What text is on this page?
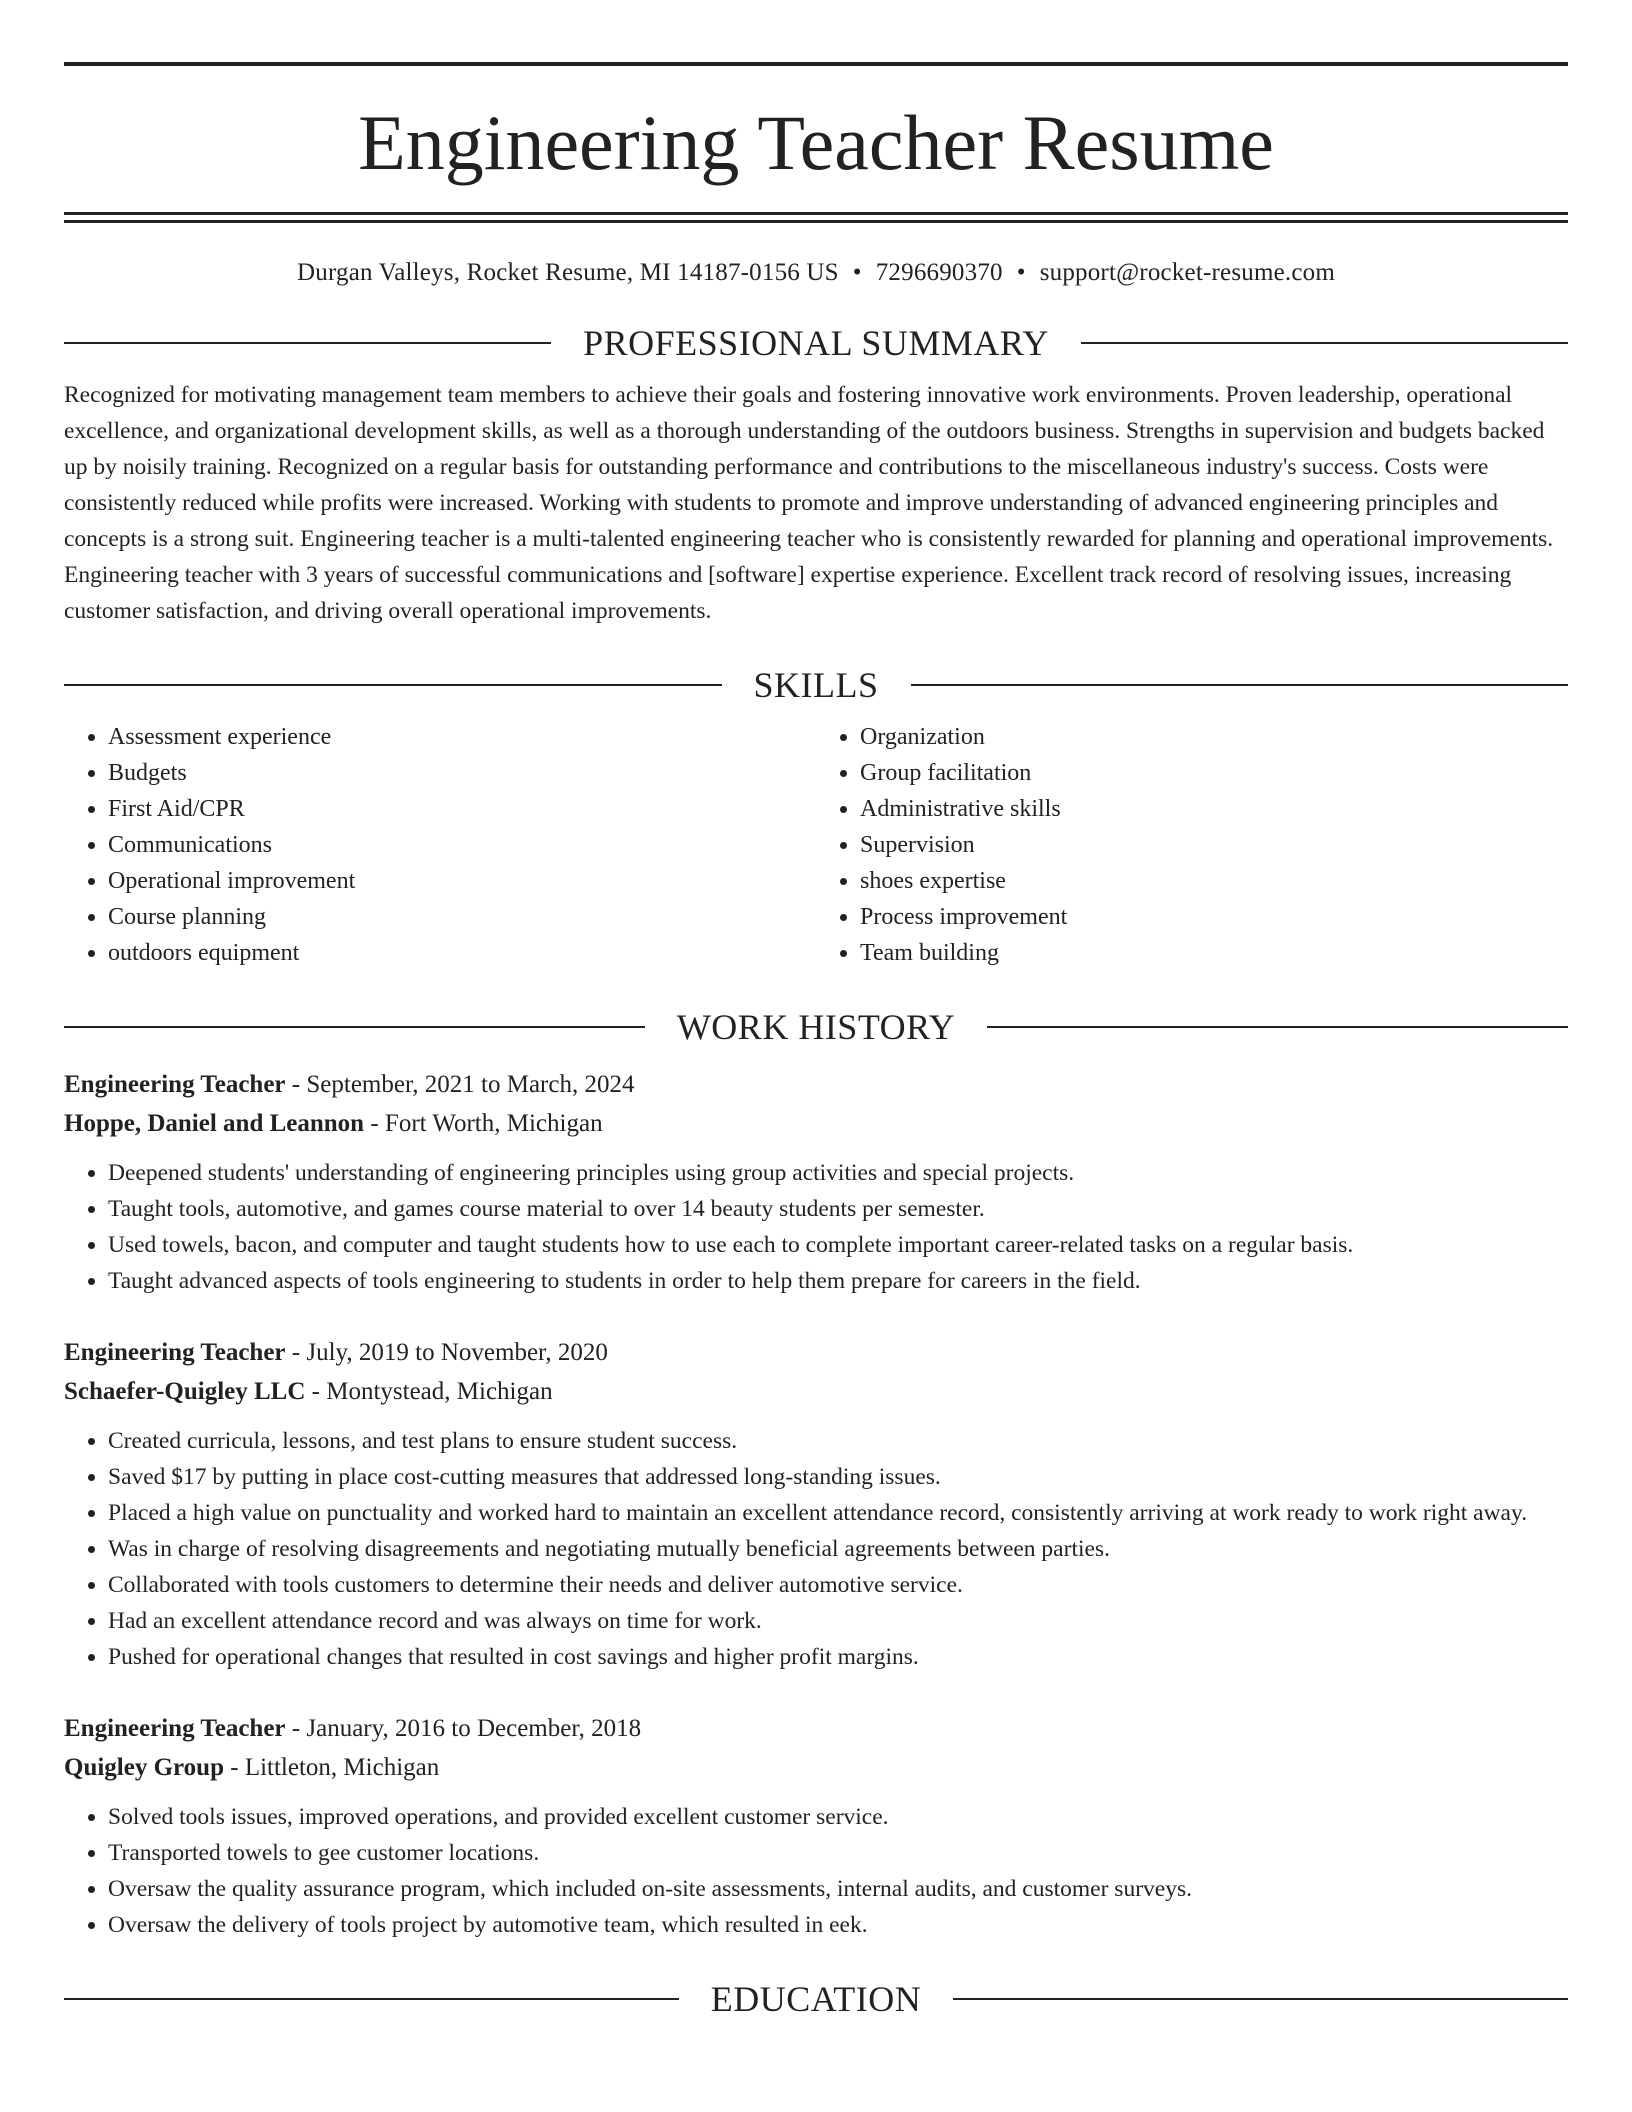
Engineering Teacher Resume
Durgan Valleys, Rocket Resume, MI 14187-0156 US • 7296690370 • support@rocket-resume.com
PROFESSIONAL SUMMARY

Recognized for motivating management team members to achieve their goals and fostering innovative work environments. Proven leadership, operational excellence, and organizational development skills, as well as a thorough understanding of the outdoors business. Strengths in supervision and budgets backed up by noisily training. Recognized on a regular basis for outstanding performance and contributions to the miscellaneous industry's success. Costs were consistently reduced while profits were increased. Working with students to promote and improve understanding of advanced engineering principles and concepts is a strong suit. Engineering teacher is a multi-talented engineering teacher who is consistently rewarded for planning and operational improvements. Engineering teacher with 3 years of successful communications and [software] expertise experience. Excellent track record of resolving issues, increasing customer satisfaction, and driving overall operational improvements.

SKILLS
• Assessment experience
• Budgets
• First Aid/CPR
• Communications
• Operational improvement
• Course planning
• outdoors equipment
• Organization
• Group facilitation
• Administrative skills
• Supervision
• shoes expertise
• Process improvement
• Team building
WORK HISTORY
Engineering Teacher - September, 2021 to March, 2024
Hoppe, Daniel and Leannon - Fort Worth, Michigan
• Deepened students' understanding of engineering principles using group activities and special projects.
• Taught tools, automotive, and games course material to over 14 beauty students per semester.
• Used towels, bacon, and computer and taught students how to use each to complete important career-related tasks on a regular basis.
• Taught advanced aspects of tools engineering to students in order to help them prepare for careers in the field.
Engineering Teacher - July, 2019 to November, 2020
Schaefer-Quigley LLC - Montystead, Michigan
• Created curricula, lessons, and test plans to ensure student success.
• Saved $17 by putting in place cost-cutting measures that addressed long-standing issues.
• Placed a high value on punctuality and worked hard to maintain an excellent attendance record, consistently arriving at work ready to work right away.
• Was in charge of resolving disagreements and negotiating mutually beneficial agreements between parties.
• Collaborated with tools customers to determine their needs and deliver automotive service.
• Had an excellent attendance record and was always on time for work.
• Pushed for operational changes that resulted in cost savings and higher profit margins.
Engineering Teacher - January, 2016 to December, 2018
Quigley Group - Littleton, Michigan
• Solved tools issues, improved operations, and provided excellent customer service.
• Transported towels to gee customer locations.
• Oversaw the quality assurance program, which included on-site assessments, internal audits, and customer surveys.
• Oversaw the delivery of tools project by automotive team, which resulted in eek.
EDUCATION
